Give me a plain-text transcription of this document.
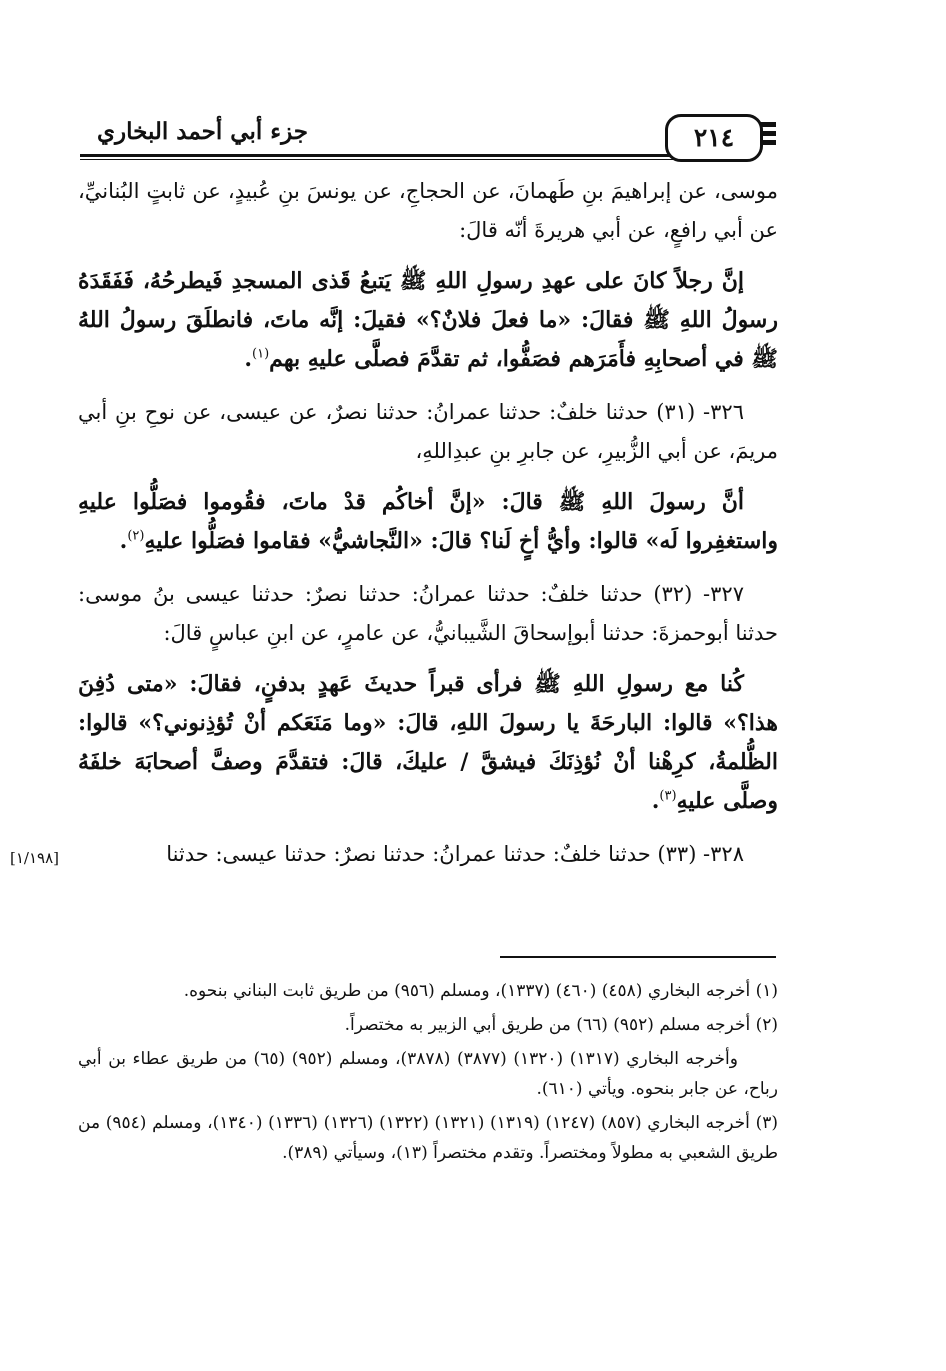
جزء أبي أحمد البخاري	٢١٤

موسى، عن إبراهيمَ بنِ طَهمانَ، عن الحجاجِ، عن يونسَ بنِ عُبيدٍ، عن ثابتٍ البُنانيِّ، عن أبي رافعٍ، عن أبي هريرةَ أنّه قالَ:

إنَّ رجلاً كانَ على عهدِ رسولِ اللهِ ﷺ يَتبعُ قَذى المسجدِ فَيطرحُهُ، فَفَقَدَهُ رسولُ اللهِ ﷺ فقالَ: «ما فعلَ فلانٌ؟» فقيلَ: إنَّه ماتَ، فانطلَقَ رسولُ اللهُ ﷺ في أصحابِهِ فأَمَرَهم فصَفُّوا، ثم تقدَّمَ فصلَّى عليهِ بهم$^{(١)}$.

٣٢٦- (٣١) حدثنا خلفٌ: حدثنا عمرانُ: حدثنا نصرٌ، عن عيسى، عن نوحِ بنِ أبي مريمَ، عن أبي الزُّبيرِ، عن جابرِ بنِ عبدِاللهِ،

أنَّ رسولَ اللهِ ﷺ قالَ: «إنَّ أخاكُم قدْ ماتَ، فقُوموا فصَلُّوا عليهِ واستغفِروا لَه» قالوا: وأيُّ أخٍ لَنا؟ قالَ: «النَّجاشيُّ» فقاموا فصَلُّوا عليهِ$^{(٢)}$.

٣٢٧- (٣٢) حدثنا خلفٌ: حدثنا عمرانُ: حدثنا نصرٌ: حدثنا عيسى بنُ موسى: حدثنا أبوحمزةَ: حدثنا أبوإسحاقَ الشَّيبانيُّ، عن عامرٍ، عن ابنِ عباسٍ قالَ:

كُنا مع رسولِ اللهِ ﷺ فرأى قبراً حديثَ عَهدٍ بدفنٍ، فقالَ: «متى دُفِنَ هذا؟» قالوا: البارحَةَ يا رسولَ اللهِ، قالَ: «وما مَنَعَكم أنْ تُؤذِنوني؟» قالوا: الظُّلمةُ، كرِهْنا أنْ نُؤذِنَكَ فيشقَّ / عليكَ، قالَ: فتقدَّمَ وصفَّ أصحابَهَ خلفَهُ وصلَّى عليهِ$^{(٣)}$.

٣٢٨- (٣٣) حدثنا خلفٌ: حدثنا عمرانُ: حدثنا نصرٌ: حدثنا عيسى: حدثنا

[١/١٩٨]

(١) أخرجه البخاري (٤٥٨) (٤٦٠) (١٣٣٧)، ومسلم (٩٥٦) من طريق ثابت البناني بنحوه.

(٢) أخرجه مسلم (٩٥٢) (٦٦) من طريق أبي الزبير به مختصراً.

وأخرجه البخاري (١٣١٧) (١٣٢٠) (٣٨٧٧) (٣٨٧٨)، ومسلم (٩٥٢) (٦٥) من طريق عطاء بن أبي رباح، عن جابر بنحوه. ويأتي (٦١٠).

(٣) أخرجه البخاري (٨٥٧) (١٢٤٧) (١٣١٩) (١٣٢١) (١٣٢٢) (١٣٢٦) (١٣٣٦) (١٣٤٠)، ومسلم (٩٥٤) من طريق الشعبي به مطولاً ومختصراً. وتقدم مختصراً (١٣)، وسيأتي (٣٨٩).
